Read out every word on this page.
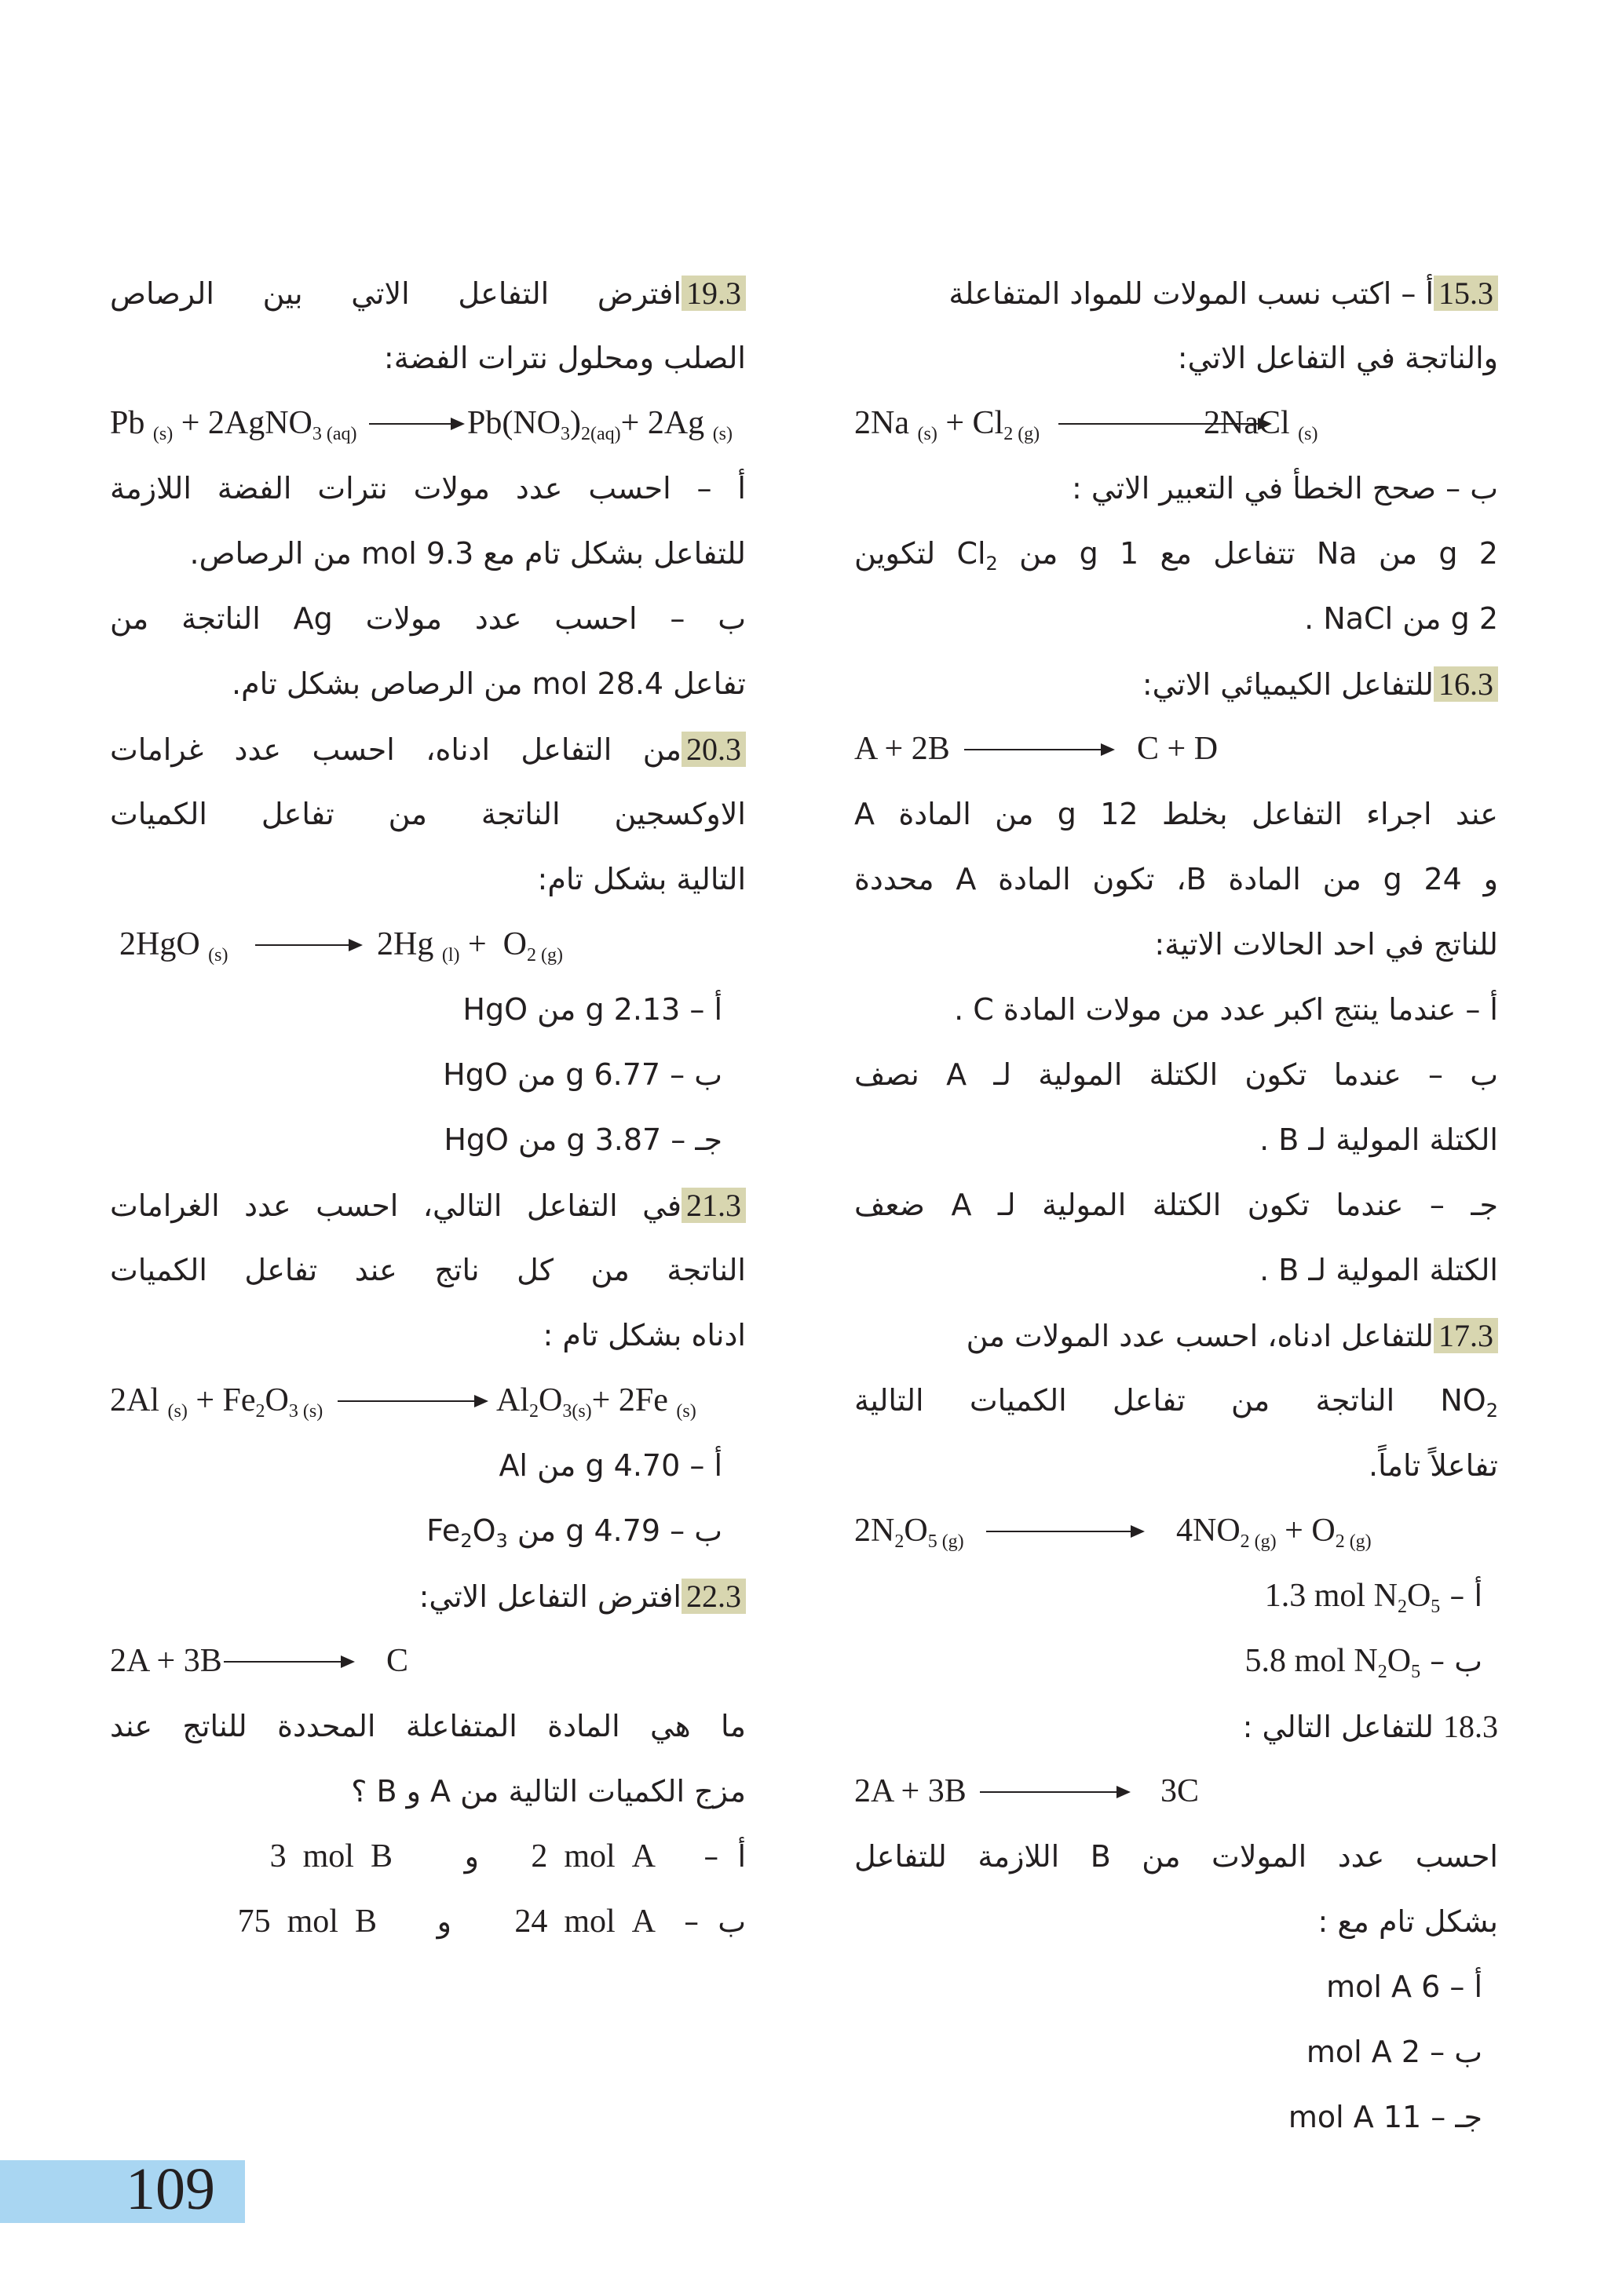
15.3أ – اكتب نسب المولات للمواد المتفاعلة
والناتجة في التفاعل الاتي:
2Na $_{(s)} + Cl_{2 (g)}$	2NaCl $_{(s)}$
ب – صحح الخطأ في التعبير الاتي :
g 2 من Na تتفاعل مع g 1 من $Cl_2$ لتكوين
2 g من NaCl .
16.3للتفاعل الكيميائي الاتي:
A + 2B	C + D
عند اجراء التفاعل بخلط 12 g من المادة A
و 24 g من المادة B، تكون المادة A محددة
للناتج في احد الحالات الاتية:
أ – عندما ينتج اكبر عدد من مولات المادة C .
ب – عندما تكون الكتلة المولية لـ A نصف
الكتلة المولية لـ B .
جـ – عندما تكون الكتلة المولية لـ A ضعف
الكتلة المولية لـ B .
17.3للتفاعل ادناه، احسب عدد المولات من
$NO_2$ الناتجة من تفاعل الكميات التالية
تفاعلاً تاماً.
$2N_2O_{5 (g)}$	$4NO_{2 (g)} + O_{2 (g)}$
أ – 1.3 mol $N_2O_5$
ب – 5.8 mol $N_2O_5$
18.3 للتفاعل التالي :
2A + 3B	3C
احسب عدد المولات من B اللازمة للتفاعل
بشكل تام مع :
أ – 6 mol A
ب – 2 mol A
جـ – 11 mol A
19.3افترض التفاعل الاتي بين الرصاص
الصلب ومحلول نترات الفضة:
Pb $_{(s)}$ + 2AgNO$_{3 (aq)}$ → $Pb(NO_3)_{2(aq)}+ 2Ag$ $_{(s)}$
أ – احسب عدد مولات نترات الفضة اللازمة
للتفاعل بشكل تام مع 9.3 mol من الرصاص.
ب – احسب عدد مولات Ag الناتجة من
تفاعل 28.4 mol من الرصاص بشكل تام.
20.3من التفاعل ادناه، احسب عدد غرامات
الاوكسجين الناتجة من تفاعل الكميات
التالية بشكل تام:
2HgO $_{(s)}$ → 2Hg $_{(l)} + O_{2 (g)}$
أ – 2.13 g من HgO
ب – 6.77 g من HgO
جـ – 3.87 g من HgO
21.3في التفاعل التالي، احسب عدد الغرامات
الناتجة من كل ناتج عند تفاعل الكميات
ادناه بشكل تام :
2Al $_{(s)} + Fe_2O_{3 (s)}$	$Al_2O_{3(s)}+ 2Fe$ $_{(s)}$
أ – 4.70 g من Al
ب – g 4.79 من $Fe_2O_3$
22.3افترض التفاعل الاتي:
2A + 3B	C
ما هي المادة المتفاعلة المحددة للناتج عند
مزج الكميات التالية من A و B ؟
أ  –
2  mol  A
و
3  mol  B
ب  –
24  mol  A
و
75  mol  B
109
